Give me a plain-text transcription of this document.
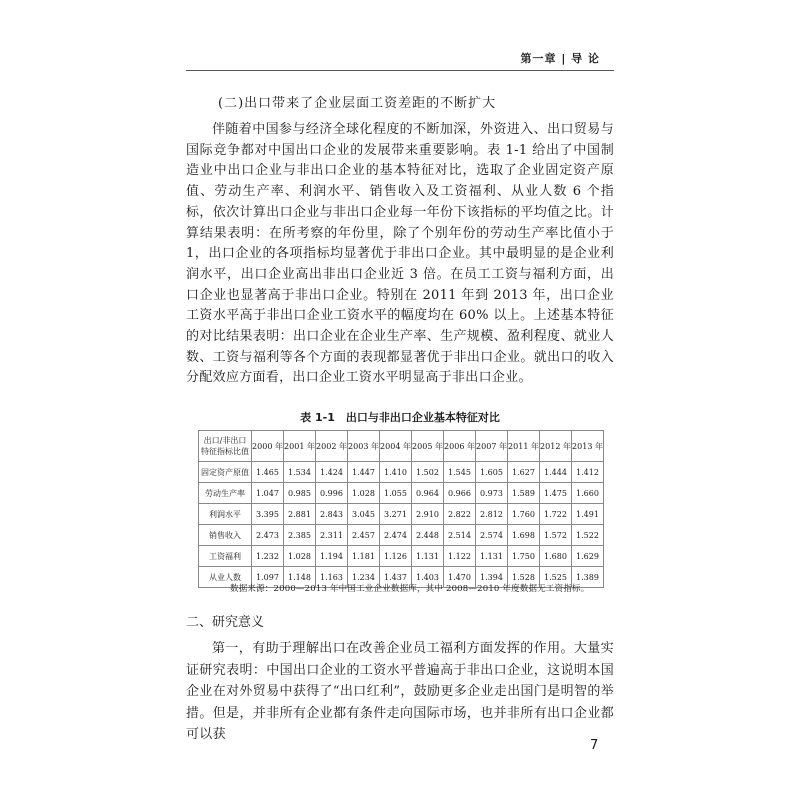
第一章 | 导 论
(二)出口带来了企业层面工资差距的不断扩大

伴随着中国参与经济全球化程度的不断加深，外资进入、出口贸易与国际竞争都对中国出口企业的发展带来重要影响。表 1-1 给出了中国制造业中出口企业与非出口企业的基本特征对比，选取了企业固定资产原值、劳动生产率、利润水平、销售收入及工资福利、从业人数 6 个指标，依次计算出口企业与非出口企业每一年份下该指标的平均值之比。计算结果表明：在所考察的年份里，除了个别年份的劳动生产率比值小于 1，出口企业的各项指标均显著优于非出口企业。其中最明显的是企业利润水平，出口企业高出非出口企业近 3 倍。在员工工资与福利方面，出口企业也显著高于非出口企业。特别在 2011 年到 2013 年，出口企业工资水平高于非出口企业工资水平的幅度均在 60% 以上。上述基本特征的对比结果表明：出口企业在企业生产率、生产规模、盈利程度、就业人数、工资与福利等各个方面的表现都显著优于非出口企业。就出口的收入分配效应方面看，出口企业工资水平明显高于非出口企业。

表 1-1　出口与非出口企业基本特征对比
出口/非出口
特征指标比值	2000 年	2001 年	2002 年	2003 年	2004 年	2005 年	2006 年	2007 年	2011 年	2012 年	2013 年
固定资产原值	1.465	1.534	1.424	1.447	1.410	1.502	1.545	1.605	1.627	1.444	1.412
劳动生产率	1.047	0.985	0.996	1.028	1.055	0.964	0.966	0.973	1.589	1.475	1.660
利润水平	3.395	2.881	2.843	3.045	3.271	2.910	2.822	2.812	1.760	1.722	1.491
销售收入	2.473	2.385	2.311	2.457	2.474	2.448	2.514	2.574	1.698	1.572	1.522
工资福利	1.232	1.028	1.194	1.181	1.126	1.131	1.122	1.131	1.750	1.680	1.629
从业人数	1.097	1.148	1.163	1.234	1.437	1.403	1.470	1.394	1.528	1.525	1.389
数据来源：2000—2013 年中国工业企业数据库，其中 2008—2010 年度数据无工资指标。
二、研究意义

第一，有助于理解出口在改善企业员工福利方面发挥的作用。大量实证研究表明：中国出口企业的工资水平普遍高于非出口企业，这说明本国企业在对外贸易中获得了“出口红利”，鼓励更多企业走出国门是明智的举措。但是，并非所有企业都有条件走向国际市场，也并非所有出口企业都可以获

7
